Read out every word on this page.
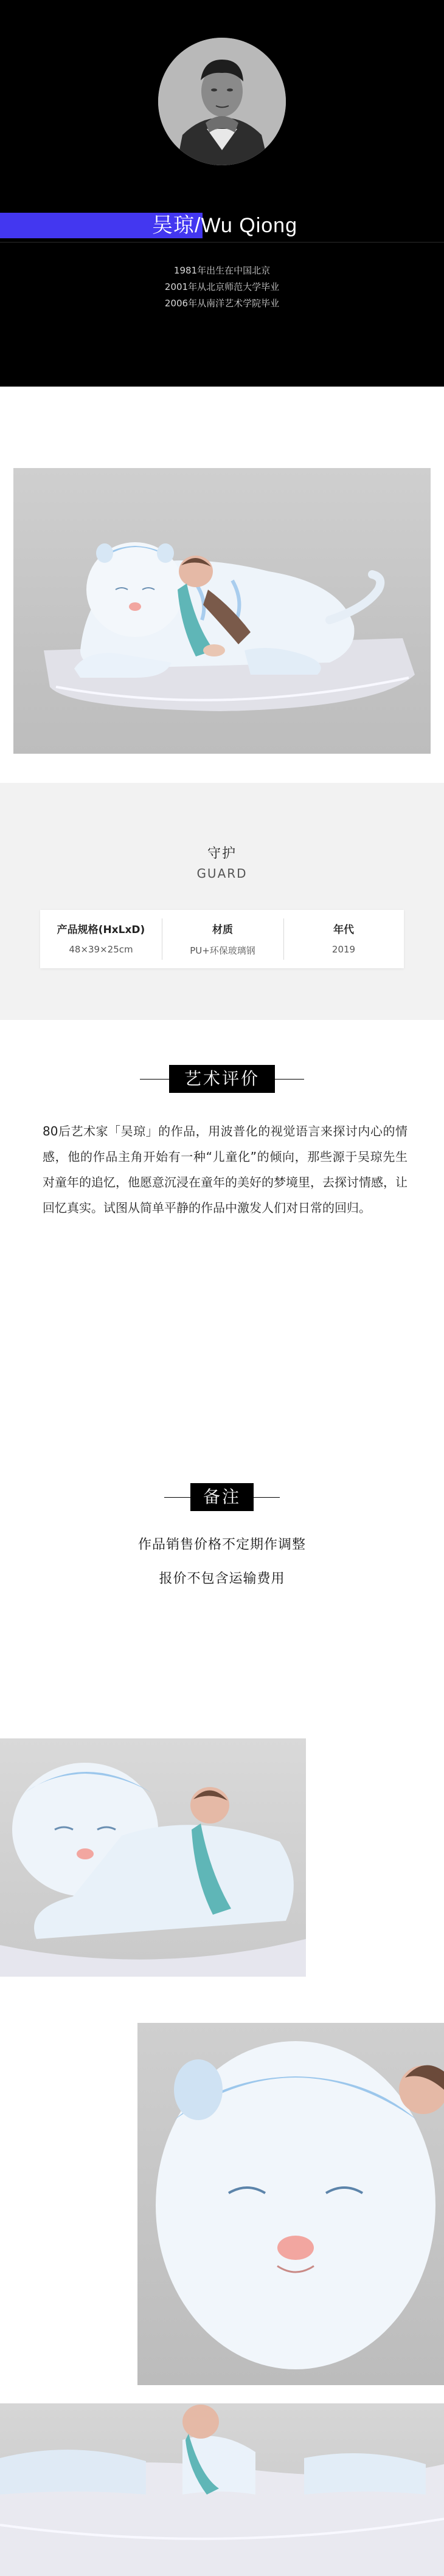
吴琼/Wu Qiong
1981年出生在中国北京
2001年从北京师范大学毕业
2006年从南洋艺术学院毕业
守护
GUARD
产品规格(HxLxD)
48×39×25cm
材质
PU+环保玻璃钢
年代
2019
艺术评价
80后艺术家「吴琼」的作品，用波普化的视觉语言来探讨内心的情感，他的作品主角开始有一种“儿童化”的倾向，那些源于吴琼先生对童年的追忆，他愿意沉浸在童年的美好的梦境里，去探讨情感，让回忆真实。试图从简单平静的作品中激发人们对日常的回归。
备注
作品销售价格不定期作调整
报价不包含运输费用
